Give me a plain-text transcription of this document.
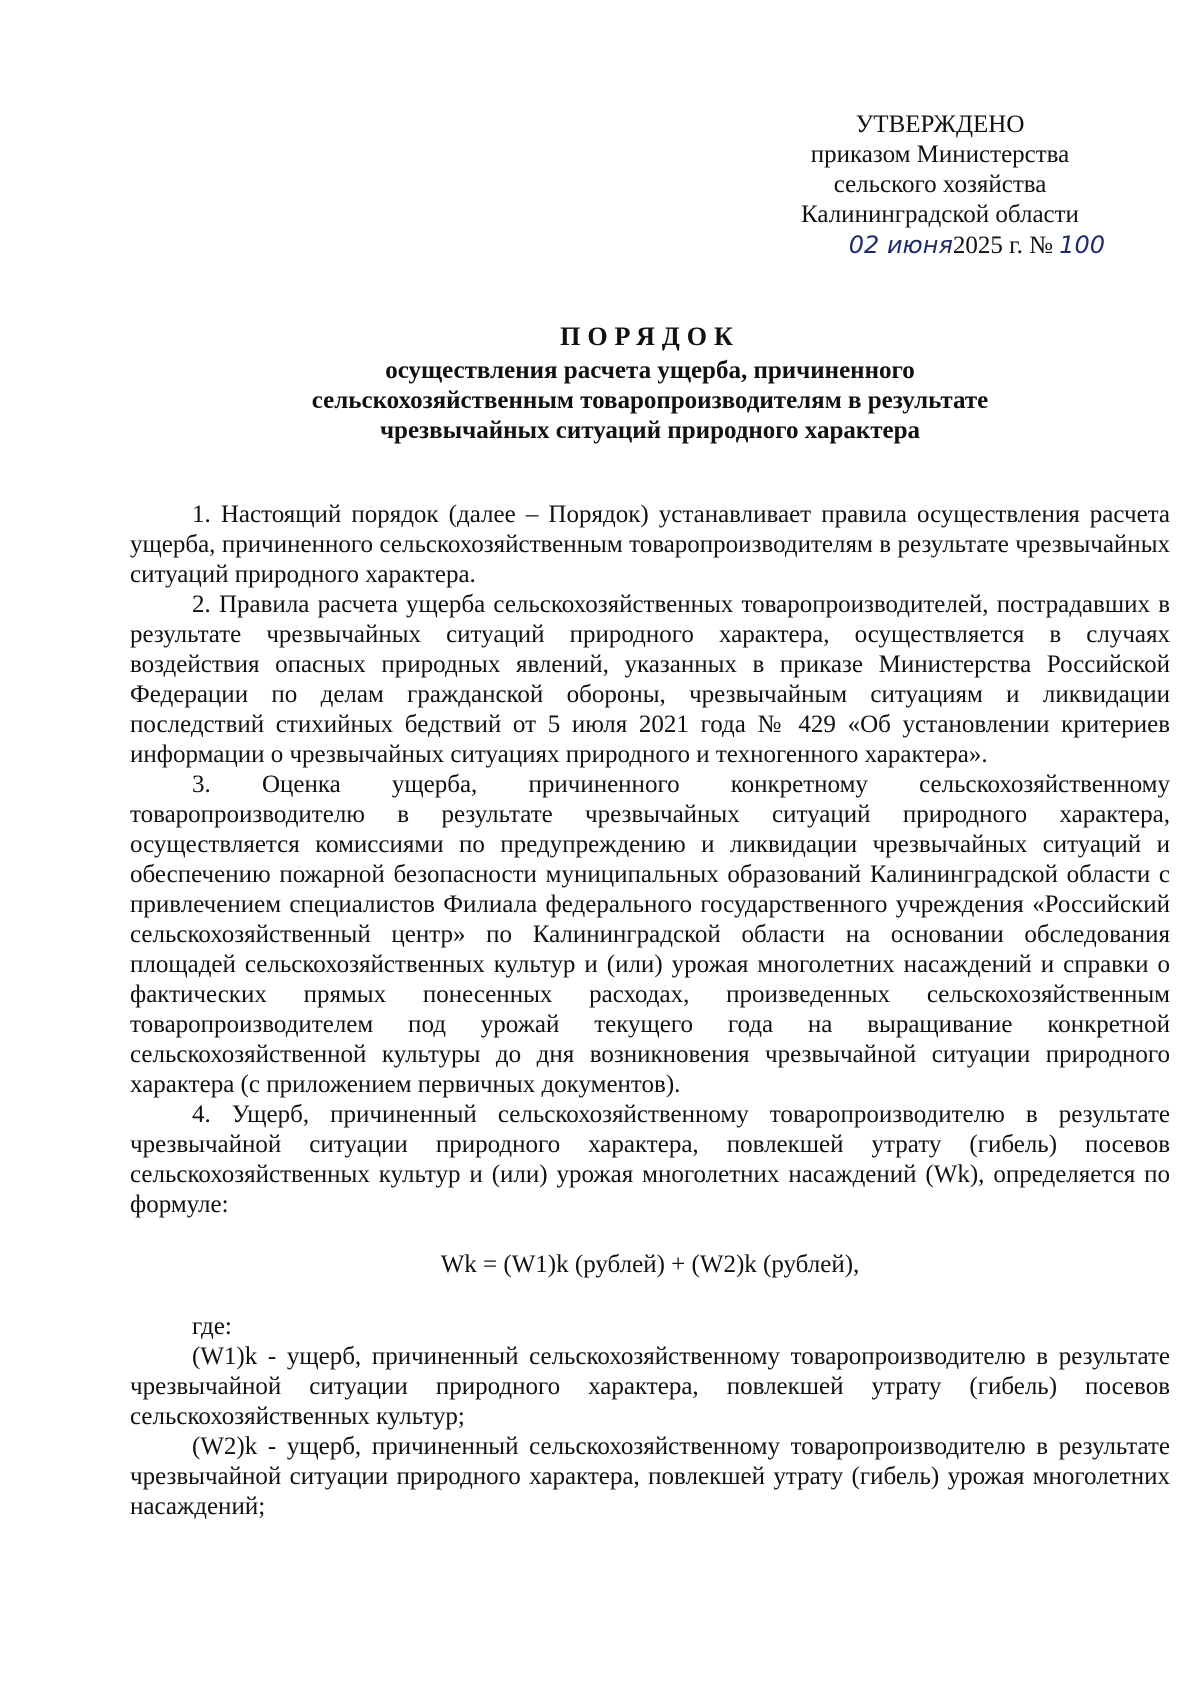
УТВЕРЖДЕНО
приказом Министерства
сельского хозяйства
Калининградской области
02 июня2025 г. № 100
ПОРЯДОК
осуществления расчета ущерба, причиненного
сельскохозяйственным товаропроизводителям в результате
чрезвычайных ситуаций природного характера

1. Настоящий порядок (далее – Порядок) устанавливает правила осуществления расчета ущерба, причиненного сельскохозяйственным товаропроизводителям в результате чрезвычайных ситуаций природного характера.

2. Правила расчета ущерба сельскохозяйственных товаропроизводителей, пострадавших в результате чрезвычайных ситуаций природного характера, осуществляется в случаях воздействия опасных природных явлений, указанных в приказе Министерства Российской Федерации по делам гражданской обороны, чрезвычайным ситуациям и ликвидации последствий стихийных бедствий от 5 июля 2021 года № 429 «Об установлении критериев информации о чрезвычайных ситуациях природного и техногенного характера».

3. Оценка ущерба, причиненного конкретному сельскохозяйственному товаропроизводителю в результате чрезвычайных ситуаций природного характера, осуществляется комиссиями по предупреждению и ликвидации чрезвычайных ситуаций и обеспечению пожарной безопасности муниципальных образований Калининградской области с привлечением специалистов Филиала федерального государственного учреждения «Российский сельскохозяйственный центр» по Калининградской области на основании обследования площадей сельскохозяйственных культур и (или) урожая многолетних насаждений и справки о фактических прямых понесенных расходах, произведенных сельскохозяйственным товаропроизводителем под урожай текущего года на выращивание конкретной сельскохозяйственной культуры до дня возникновения чрезвычайной ситуации природного характера (с приложением первичных документов).

4. Ущерб, причиненный сельскохозяйственному товаропроизводителю в результате чрезвычайной ситуации природного характера, повлекшей утрату (гибель) посевов сельскохозяйственных культур и (или) урожая многолетних насаждений (Wk), определяется по формуле:

Wk = (W1)k (рублей) + (W2)k (рублей),

где:

(W1)k - ущерб, причиненный сельскохозяйственному товаропроизводителю в результате чрезвычайной ситуации природного характера, повлекшей утрату (гибель) посевов сельскохозяйственных культур;

(W2)k - ущерб, причиненный сельскохозяйственному товаропроизводителю в результате чрезвычайной ситуации природного характера, повлекшей утрату (гибель) урожая многолетних насаждений;
